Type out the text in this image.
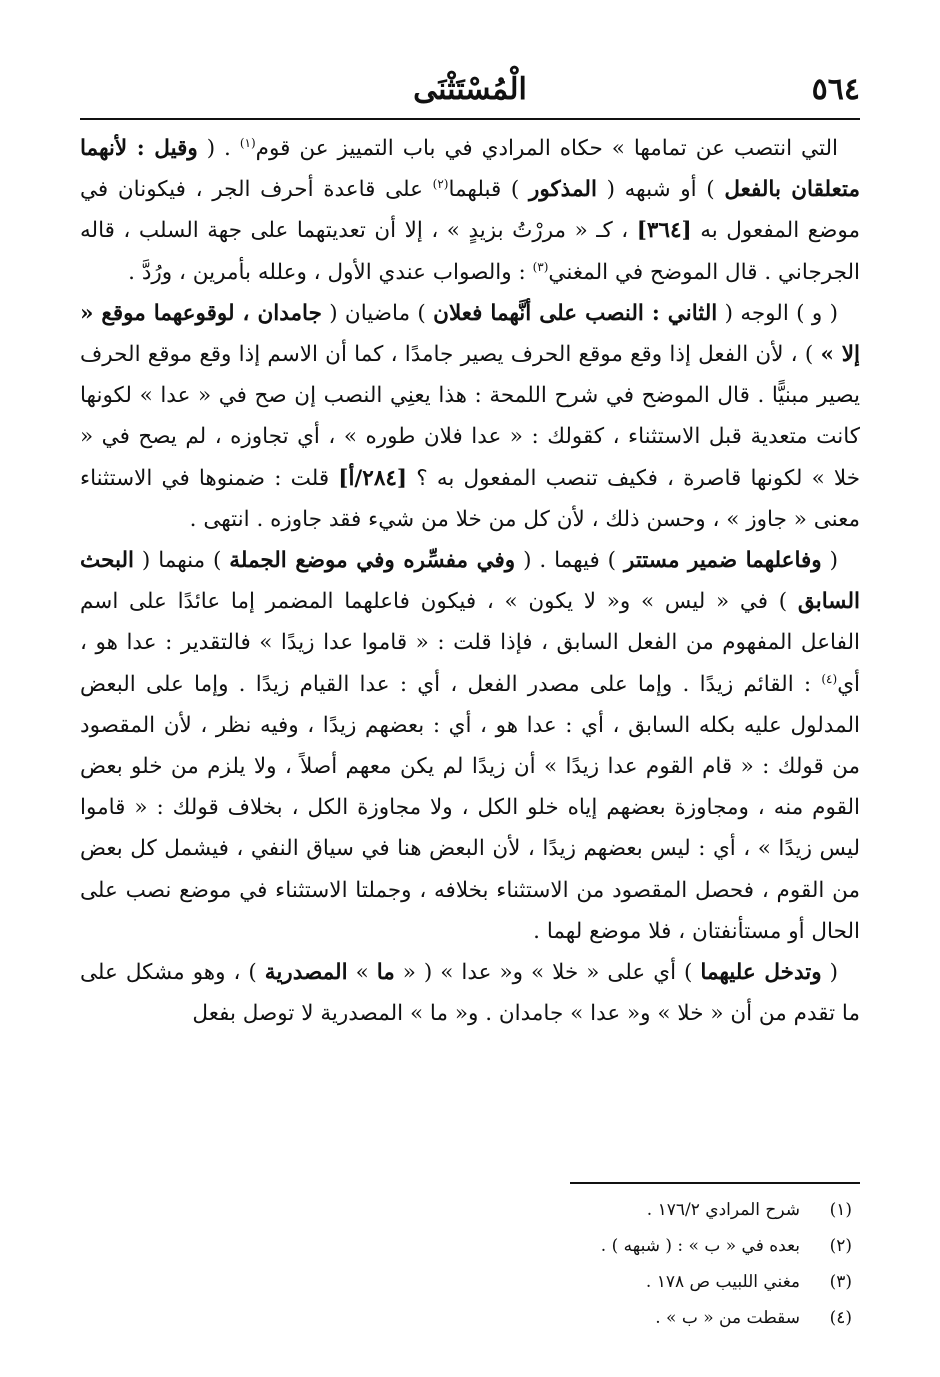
٥٦٤
الْمُسْتَثْنَى

التي انتصب عن تمامها » حكاه المرادي في باب التمييز عن قوم$^{(١)}$ . ( وقيل : لأنهما متعلقان بالفعل ) أو شبهه ( المذكور ) قبلهما$^{(٢)}$ على قاعدة أحرف الجر ، فيكونان في موضع المفعول به [٣٦٤] ، كـ « مررْتُ بزيدٍ » ، إلا أن تعديتهما على جهة السلب ، قاله الجرجاني . قال الموضح في المغني$^{(٣)}$ : والصواب عندي الأول ، وعلله بأمرين ، ورُدَّ .

( و ) الوجه ( الثاني : النصب على أنَّهما فعلان ) ماضيان ( جامدان ، لوقوعهما موقع « إلا » ) ، لأن الفعل إذا وقع موقع الحرف يصير جامدًا ، كما أن الاسم إذا وقع موقع الحرف يصير مبنيًّا . قال الموضح في شرح اللمحة : هذا يعنِي النصب إن صح في « عدا » لكونها كانت متعدية قبل الاستثناء ، كقولك : « عدا فلان طوره » ، أي تجاوزه ، لم يصح في « خلا » لكونها قاصرة ، فكيف تنصب المفعول به ؟ [٢٨٤/أ] قلت : ضمنوها في الاستثناء معنى « جاوز » ، وحسن ذلك ، لأن كل من خلا من شيء فقد جاوزه . انتهى .

( وفاعلهما ضمير مستتر ) فيهما . ( وفي مفسِّره وفي موضع الجملة ) منهما ( البحث السابق ) في « ليس » و« لا يكون » ، فيكون فاعلهما المضمر إما عائدًا على اسم الفاعل المفهوم من الفعل السابق ، فإذا قلت : « قاموا عدا زيدًا » فالتقدير : عدا هو ، أي$^{(٤)}$ : القائم زيدًا . وإما على مصدر الفعل ، أي : عدا القيام زيدًا . وإما على البعض المدلول عليه بكله السابق ، أي : عدا هو ، أي : بعضهم زيدًا ، وفيه نظر ، لأن المقصود من قولك : « قام القوم عدا زيدًا » أن زيدًا لم يكن معهم أصلاً ، ولا يلزم من خلو بعض القوم منه ، ومجاوزة بعضهم إياه خلو الكل ، ولا مجاوزة الكل ، بخلاف قولك : « قاموا ليس زيدًا » ، أي : ليس بعضهم زيدًا ، لأن البعض هنا في سياق النفي ، فيشمل كل بعض من القوم ، فحصل المقصود من الاستثناء بخلافه ، وجملتا الاستثناء في موضع نصب على الحال أو مستأنفتان ، فلا موضع لهما .

( وتدخل عليهما ) أي على « خلا » و« عدا » ( « ما » المصدرية ) ، وهو مشكل على ما تقدم من أن « خلا » و« عدا » جامدان . و« ما » المصدرية لا توصل بفعل

(١)شرح المرادي ١٧٦/٢ .
(٢)بعده في « ب » : ( شبهه ) .
(٣)مغني اللبيب ص ١٧٨ .
(٤)سقطت من « ب » .
